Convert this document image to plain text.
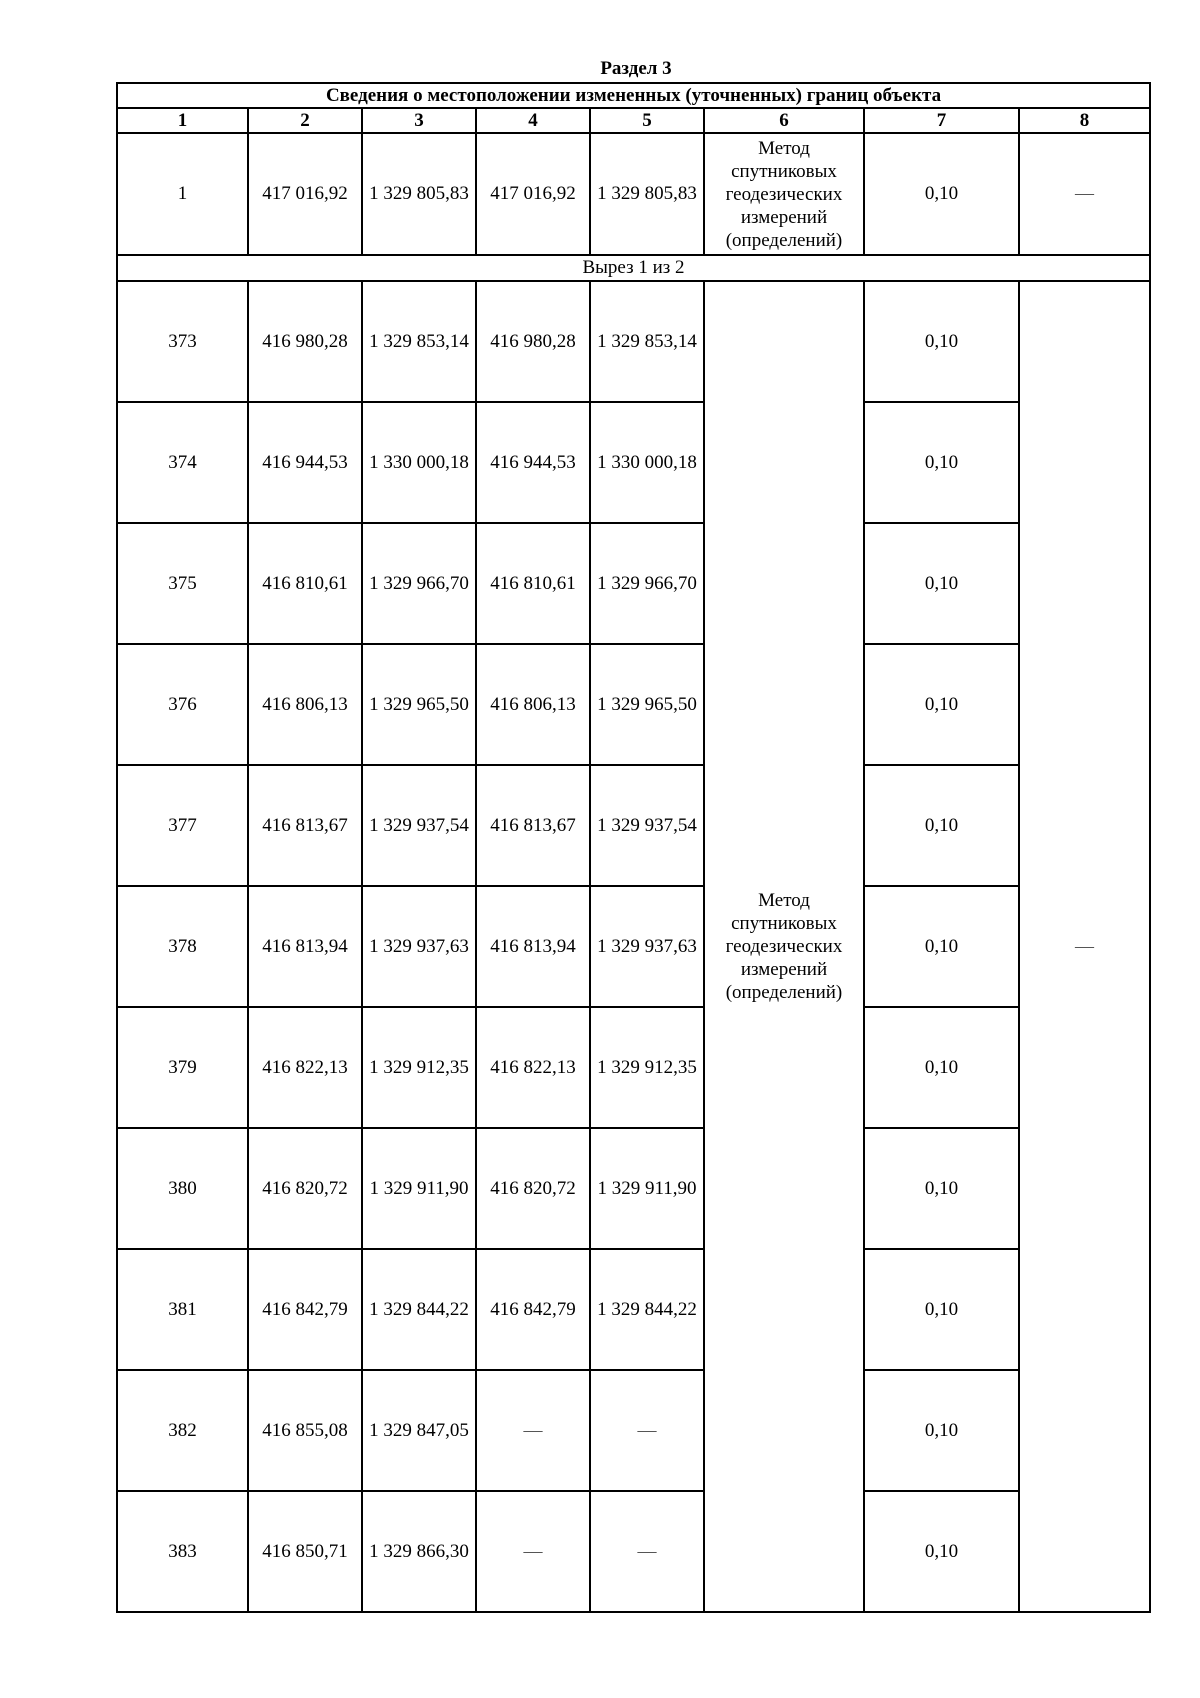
Раздел 3
Сведения о местоположении измененных (уточненных) границ объекта							
1	2	3	4	5	6	7	8
1	417 016,92	1 329 805,83	417 016,92	1 329 805,83	Метод
спутниковых
геодезических
измерений
(определений)	0,10	—
Вырез 1 из 2							
373	416 980,28	1 329 853,14	416 980,28	1 329 853,14	Метод
спутниковых
геодезических
измерений
(определений)	0,10	—
374	416 944,53	1 330 000,18	416 944,53	1 330 000,18		0,10	
375	416 810,61	1 329 966,70	416 810,61	1 329 966,70		0,10	
376	416 806,13	1 329 965,50	416 806,13	1 329 965,50		0,10	
377	416 813,67	1 329 937,54	416 813,67	1 329 937,54		0,10	
378	416 813,94	1 329 937,63	416 813,94	1 329 937,63		0,10	
379	416 822,13	1 329 912,35	416 822,13	1 329 912,35		0,10	
380	416 820,72	1 329 911,90	416 820,72	1 329 911,90		0,10	
381	416 842,79	1 329 844,22	416 842,79	1 329 844,22		0,10	
382	416 855,08	1 329 847,05	—	—		0,10	
383	416 850,71	1 329 866,30	—	—		0,10	
